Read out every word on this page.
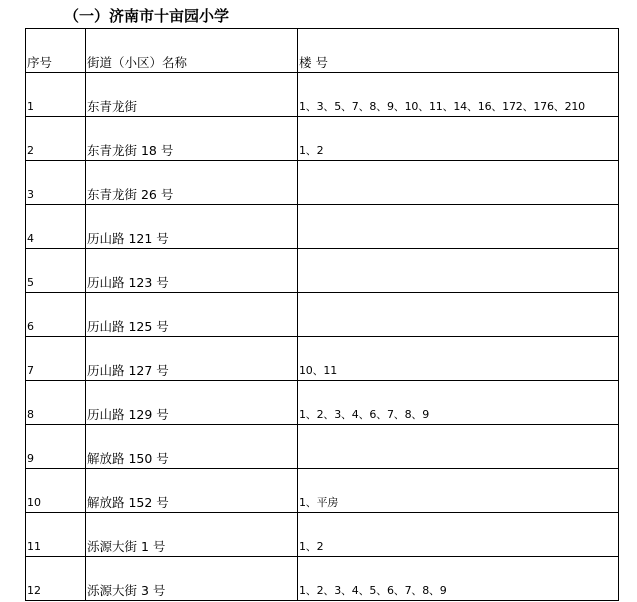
（一）济南市十亩园小学
序号	街道（小区）名称	楼 号
1	东青龙街	1、3、5、7、8、9、10、11、14、16、172、176、210
2	东青龙街 18 号	1、2
3	东青龙街 26 号	
4	历山路 121 号	
5	历山路 123 号	
6	历山路 125 号	
7	历山路 127 号	10、11
8	历山路 129 号	1、2、3、4、6、7、8、9
9	解放路 150 号	
10	解放路 152 号	1、平房
11	泺源大街 1 号	1、2
12	泺源大街 3 号	1、2、3、4、5、6、7、8、9
